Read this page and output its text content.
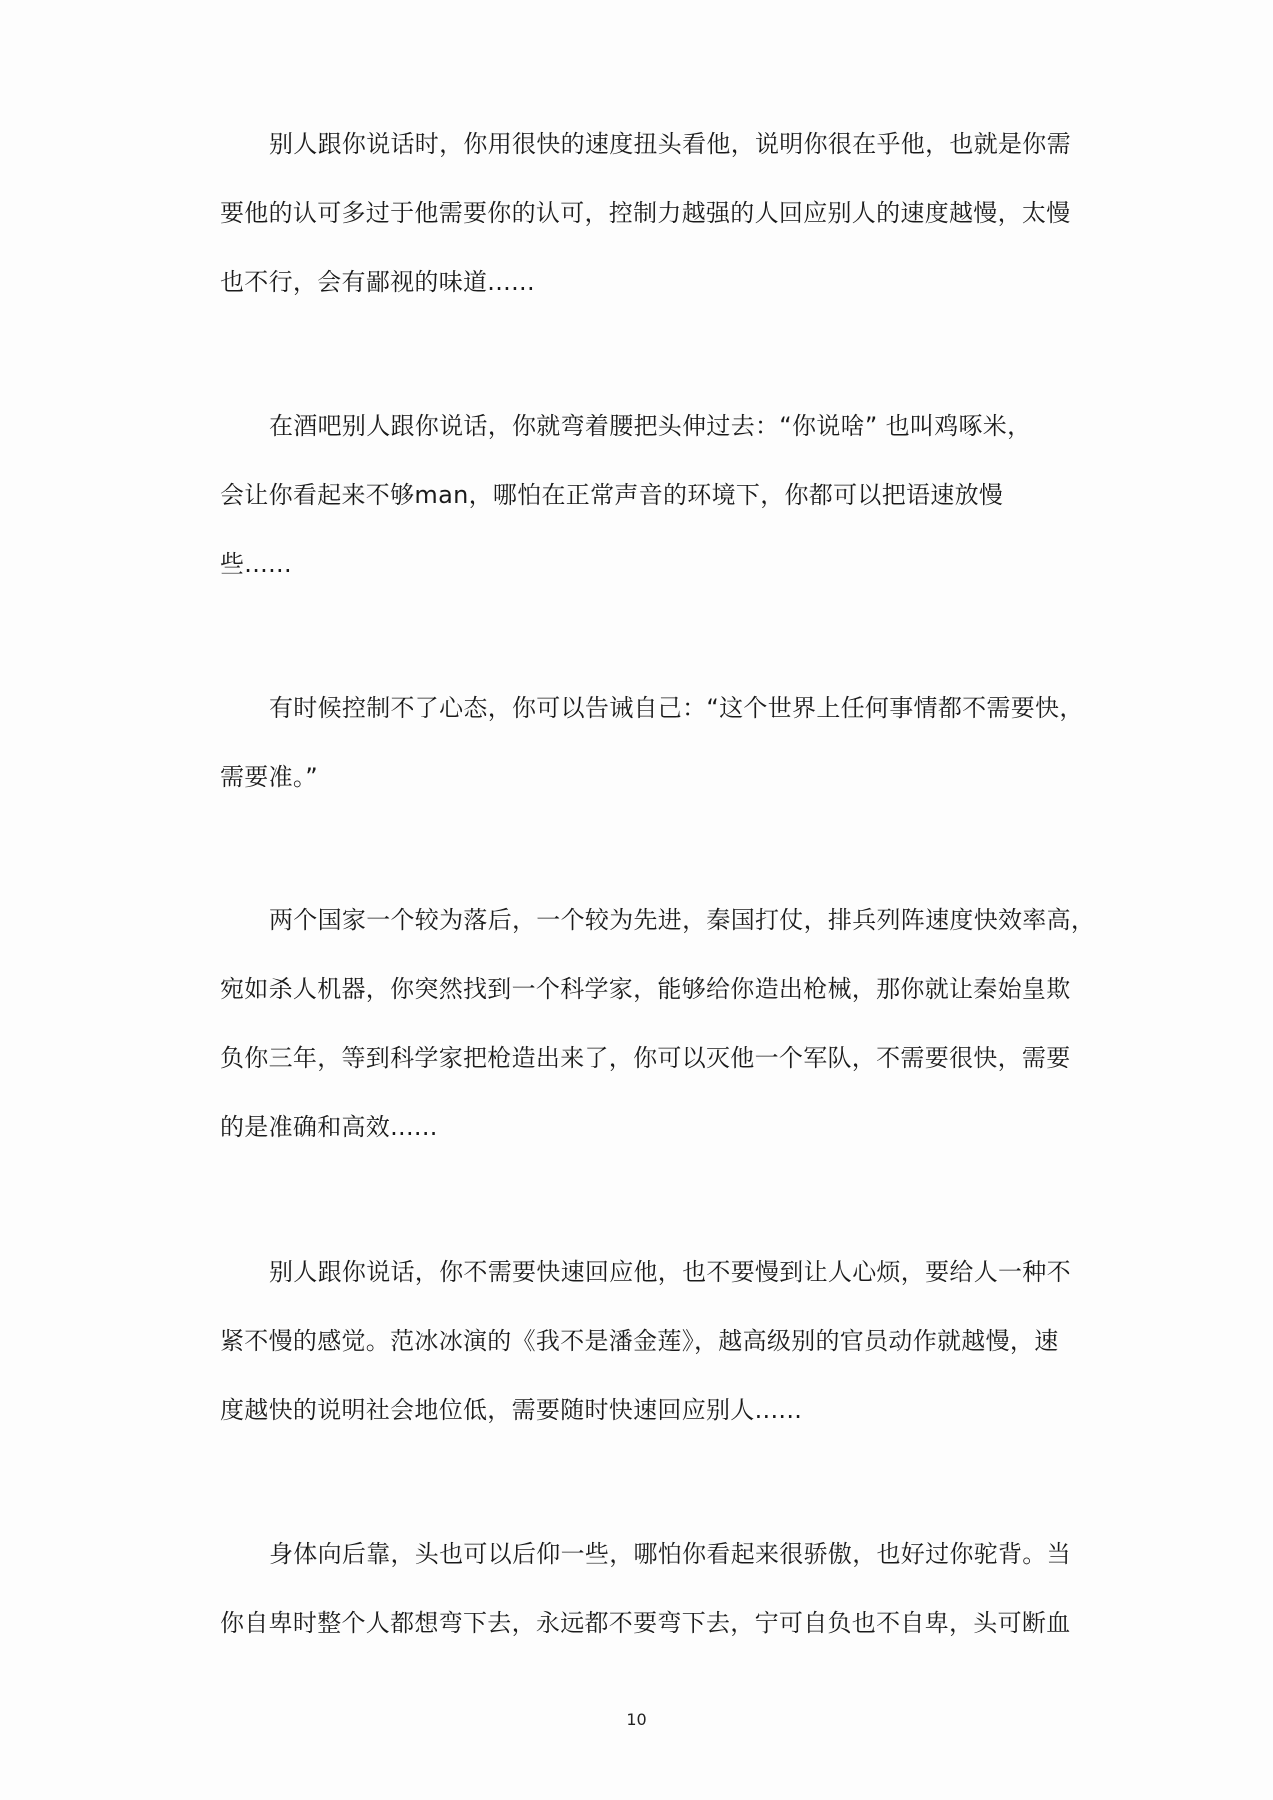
别人跟你说话时，你用很快的速度扭头看他，说明你很在乎他，也就是你需
要他的认可多过于他需要你的认可，控制力越强的人回应别人的速度越慢，太慢
也不行，会有鄙视的味道......
在酒吧别人跟你说话，你就弯着腰把头伸过去：“你说啥” 也叫鸡啄米，
会让你看起来不够man，哪怕在正常声音的环境下，你都可以把语速放慢
些......
有时候控制不了心态，你可以告诫自己：“这个世界上任何事情都不需要快，
需要准。”
两个国家一个较为落后，一个较为先进，秦国打仗，排兵列阵速度快效率高，
宛如杀人机器，你突然找到一个科学家，能够给你造出枪械，那你就让秦始皇欺
负你三年，等到科学家把枪造出来了，你可以灭他一个军队，不需要很快，需要
的是准确和高效......
别人跟你说话，你不需要快速回应他，也不要慢到让人心烦，要给人一种不
紧不慢的感觉。范冰冰演的《我不是潘金莲》，越高级别的官员动作就越慢，速
度越快的说明社会地位低，需要随时快速回应别人......
身体向后靠，头也可以后仰一些，哪怕你看起来很骄傲，也好过你驼背。当
你自卑时整个人都想弯下去，永远都不要弯下去，宁可自负也不自卑，头可断血
10
